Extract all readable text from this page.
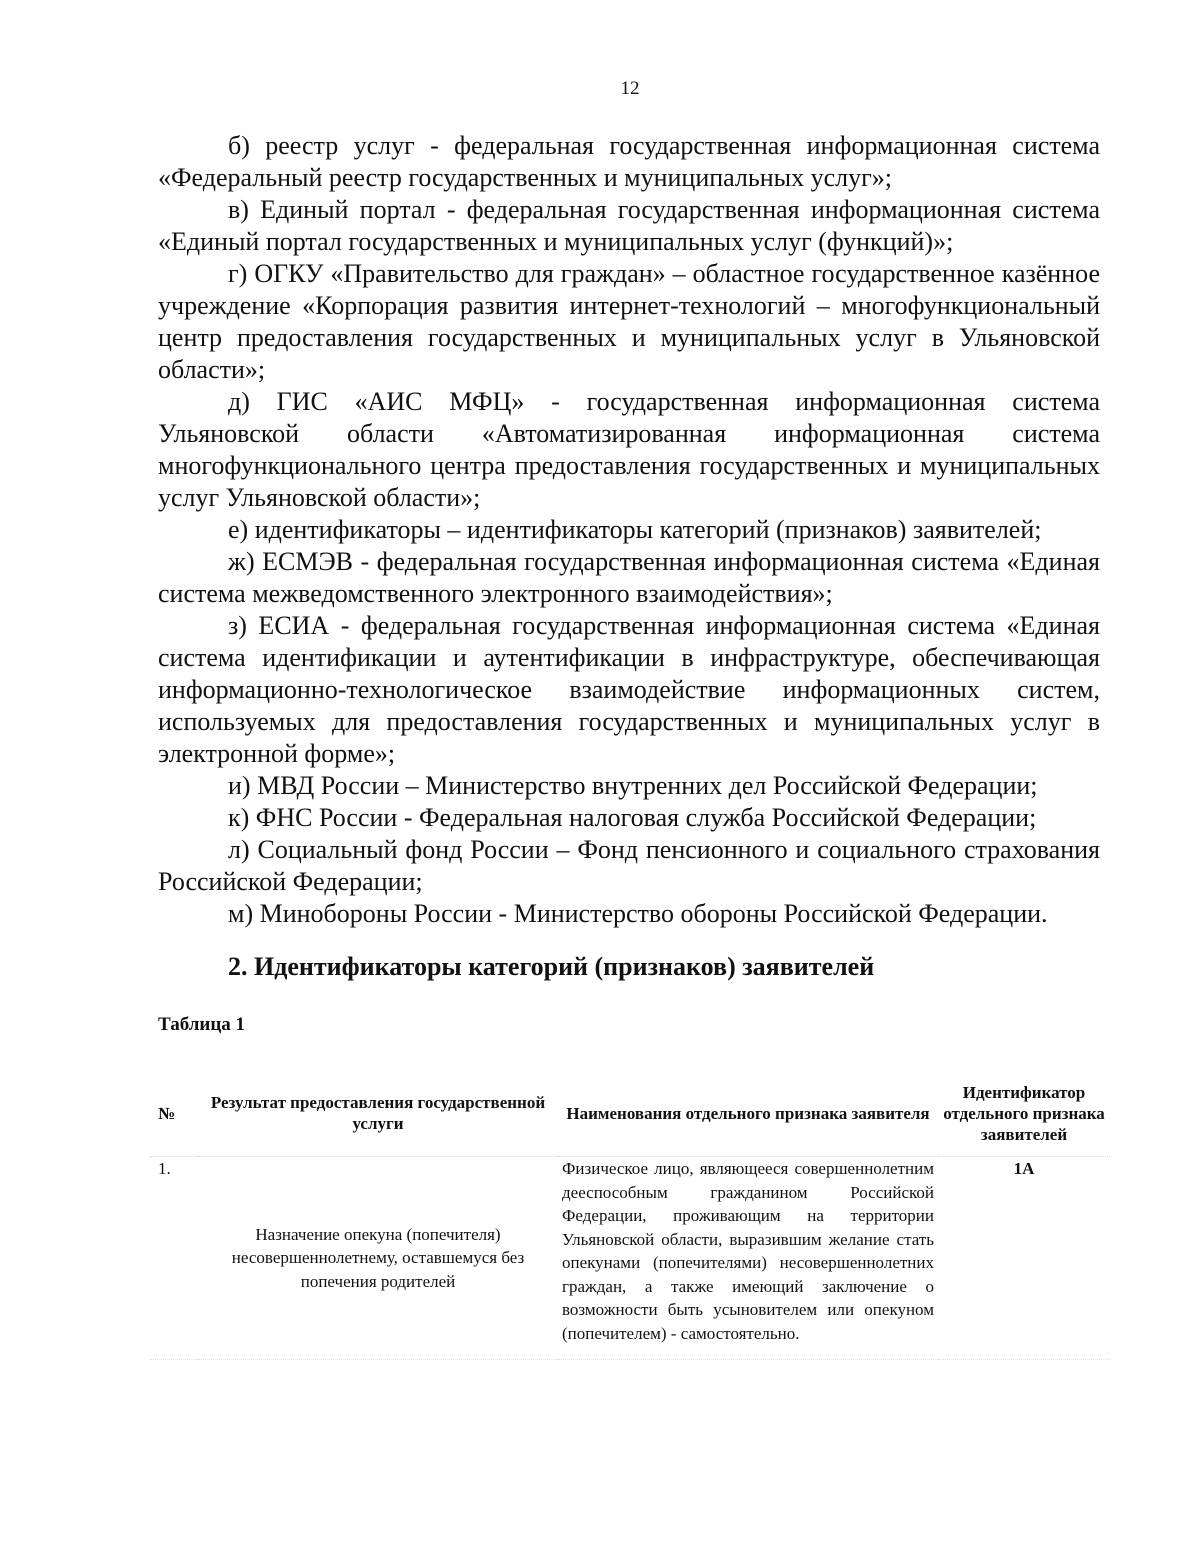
12

б) реестр услуг - федеральная государственная информационная система «Федеральный реестр государственных и муниципальных услуг»;

в) Единый портал - федеральная государственная информационная система «Единый портал государственных и муниципальных услуг (функций)»;

г) ОГКУ «Правительство для граждан» – областное государственное казённое учреждение «Корпорация развития интернет-технологий – многофункциональный центр предоставления государственных и муниципальных услуг в Ульяновской области»;

д) ГИС «АИС МФЦ» - государственная информационная система Ульяновской области «Автоматизированная информационная система многофункционального центра предоставления государственных и муниципальных услуг Ульяновской области»;

е) идентификаторы – идентификаторы категорий (признаков) заявителей;

ж) ЕСМЭВ - федеральная государственная информационная система «Единая система межведомственного электронного взаимодействия»;

з) ЕСИА - федеральная государственная информационная система «Единая система идентификации и аутентификации в инфраструктуре, обеспечивающая информационно-технологическое взаимодействие информационных систем, используемых для предоставления государственных и муниципальных услуг в электронной форме»;

и) МВД России – Министерство внутренних дел Российской Федерации;

к) ФНС России - Федеральная налоговая служба Российской Федерации;

л) Социальный фонд России – Фонд пенсионного и социального страхования Российской Федерации;

м) Минобороны России - Министерство обороны Российской Федерации.

2. Идентификаторы категорий (признаков) заявителей
Таблица 1
№	Результат предоставления государственной услуги	Наименования отдельного признака заявителя	Идентификатор отдельного признака заявителей
1.	Назначение опекуна (попечителя) несовершеннолетнему, оставшемуся без попечения родителей	Физическое лицо, являющееся совершеннолетним дееспособным гражданином Российской Федерации, проживающим на территории Ульяновской области, выразившим желание стать опекунами (попечителями) несовершеннолетних граждан, а также имеющий заключение о возможности быть усыновителем или опекуном (попечителем) - самостоятельно.	1А
